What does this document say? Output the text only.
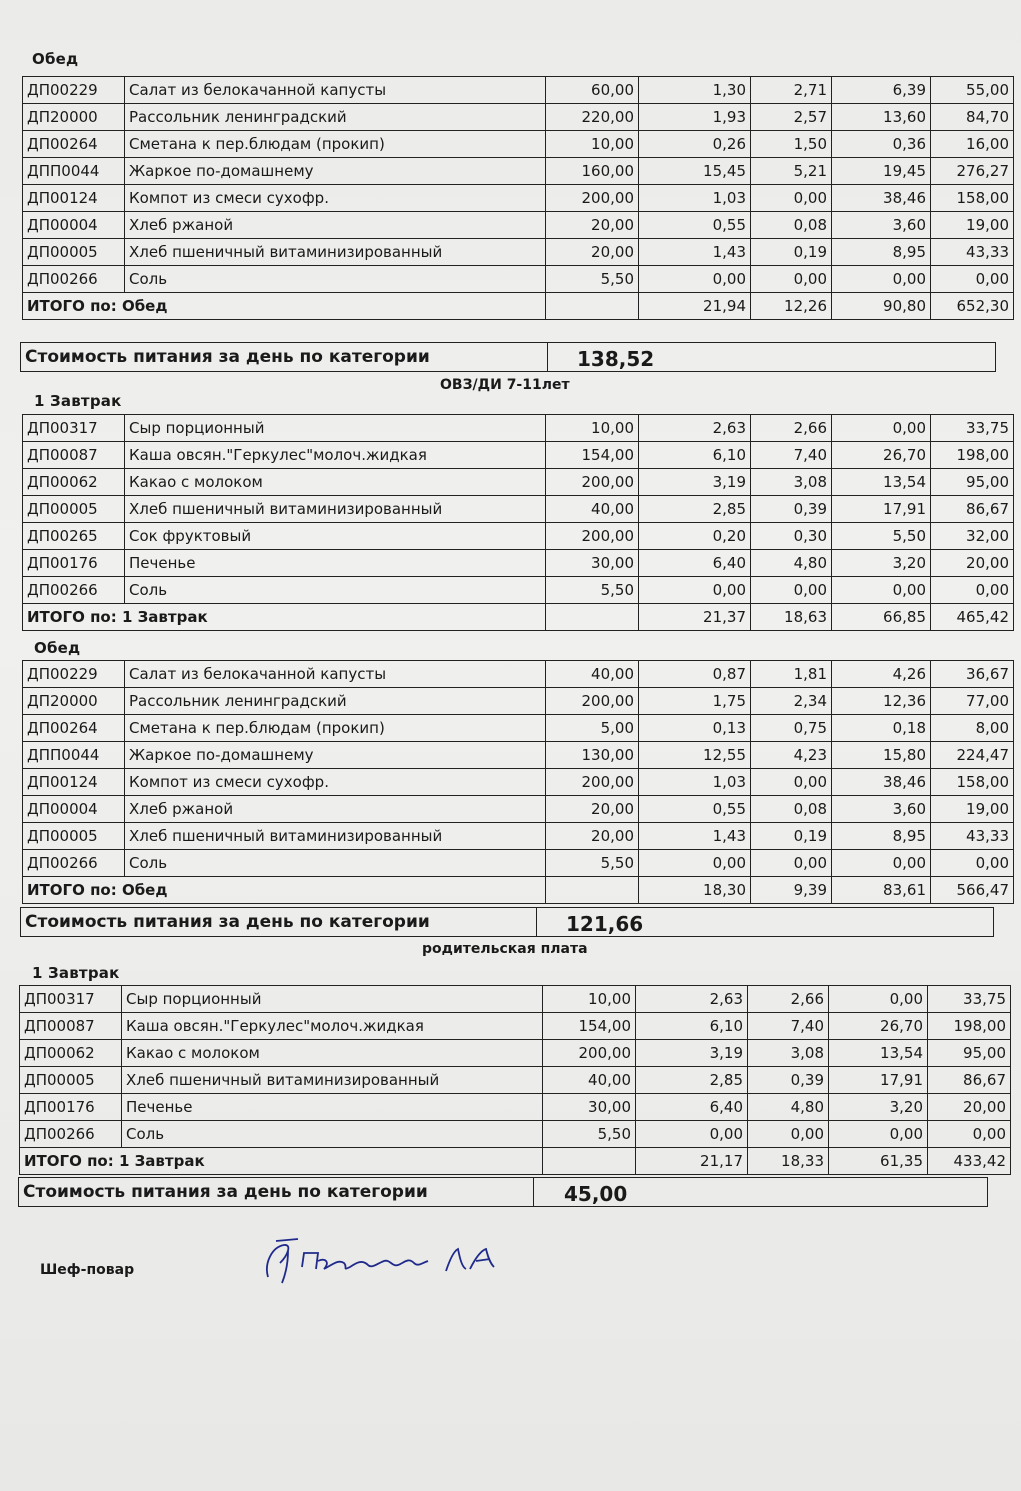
Обед
ДП00229	Салат из белокачанной капусты	60,00	1,30	2,71	6,39	55,00
ДП20000	Рассольник ленинградский	220,00	1,93	2,57	13,60	84,70
ДП00264	Сметана к пер.блюдам (прокип)	10,00	0,26	1,50	0,36	16,00
ДПП0044	Жаркое по-домашнему	160,00	15,45	5,21	19,45	276,27
ДП00124	Компот из смеси сухофр.	200,00	1,03	0,00	38,46	158,00
ДП00004	Хлеб ржаной	20,00	0,55	0,08	3,60	19,00
ДП00005	Хлеб пшеничный витаминизированный	20,00	1,43	0,19	8,95	43,33
ДП00266	Соль	5,50	0,00	0,00	0,00	0,00
ИТОГО по: Обед			21,94	12,26	90,80	652,30
Стоимость питания за день по категории	138,52
ОВЗ/ДИ 7-11лет
1 Завтрак
ДП00317	Сыр порционный	10,00	2,63	2,66	0,00	33,75
ДП00087	Каша овсян."Геркулес"молоч.жидкая	154,00	6,10	7,40	26,70	198,00
ДП00062	Какао с молоком	200,00	3,19	3,08	13,54	95,00
ДП00005	Хлеб пшеничный витаминизированный	40,00	2,85	0,39	17,91	86,67
ДП00265	Сок фруктовый	200,00	0,20	0,30	5,50	32,00
ДП00176	Печенье	30,00	6,40	4,80	3,20	20,00
ДП00266	Соль	5,50	0,00	0,00	0,00	0,00
ИТОГО по: 1 Завтрак			21,37	18,63	66,85	465,42
Обед
ДП00229	Салат из белокачанной капусты	40,00	0,87	1,81	4,26	36,67
ДП20000	Рассольник ленинградский	200,00	1,75	2,34	12,36	77,00
ДП00264	Сметана к пер.блюдам (прокип)	5,00	0,13	0,75	0,18	8,00
ДПП0044	Жаркое по-домашнему	130,00	12,55	4,23	15,80	224,47
ДП00124	Компот из смеси сухофр.	200,00	1,03	0,00	38,46	158,00
ДП00004	Хлеб ржаной	20,00	0,55	0,08	3,60	19,00
ДП00005	Хлеб пшеничный витаминизированный	20,00	1,43	0,19	8,95	43,33
ДП00266	Соль	5,50	0,00	0,00	0,00	0,00
ИТОГО по: Обед			18,30	9,39	83,61	566,47
Стоимость питания за день по категории	121,66
родительская плата
1 Завтрак
ДП00317	Сыр порционный	10,00	2,63	2,66	0,00	33,75
ДП00087	Каша овсян."Геркулес"молоч.жидкая	154,00	6,10	7,40	26,70	198,00
ДП00062	Какао с молоком	200,00	3,19	3,08	13,54	95,00
ДП00005	Хлеб пшеничный витаминизированный	40,00	2,85	0,39	17,91	86,67
ДП00176	Печенье	30,00	6,40	4,80	3,20	20,00
ДП00266	Соль	5,50	0,00	0,00	0,00	0,00
ИТОГО по: 1 Завтрак			21,17	18,33	61,35	433,42
Стоимость питания за день по категории	45,00
Шеф-повар
